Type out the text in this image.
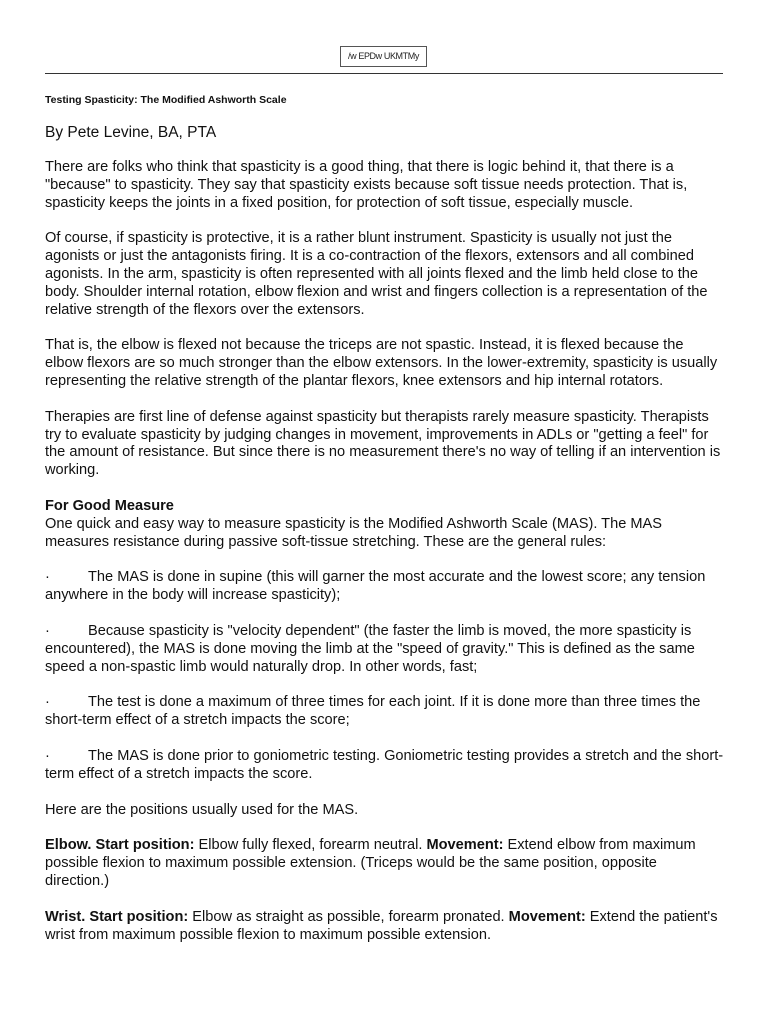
/w EPDw UKMTMy
Testing Spasticity: The Modified Ashworth Scale
By Pete Levine, BA, PTA

There are folks who think that spasticity is a good thing, that there is logic behind it, that there is a "because" to spasticity. They say that spasticity exists because soft tissue needs protection. That is, spasticity keeps the joints in a fixed position, for protection of soft tissue, especially muscle.

Of course, if spasticity is protective, it is a rather blunt instrument. Spasticity is usually not just the agonists or just the antagonists firing. It is a co-contraction of the flexors, extensors and all combined agonists. In the arm, spasticity is often represented with all joints flexed and the limb held close to the body. Shoulder internal rotation, elbow flexion and wrist and fingers collection is a representation of the relative strength of the flexors over the extensors.

That is, the elbow is flexed not because the triceps are not spastic. Instead, it is flexed because the elbow flexors are so much stronger than the elbow extensors. In the lower-extremity, spasticity is usually representing the relative strength of the plantar flexors, knee extensors and hip internal rotators.

Therapies are first line of defense against spasticity but therapists rarely measure spasticity. Therapists try to evaluate spasticity by judging changes in movement, improvements in ADLs or "getting a feel" for the amount of resistance. But since there is no measurement there's no way of telling if an intervention is working.

For Good Measure
One quick and easy way to measure spasticity is the Modified Ashworth Scale (MAS). The MAS measures resistance during passive soft-tissue stretching. These are the general rules:

·	The MAS is done in supine (this will garner the most accurate and the lowest score; any tension anywhere in the body will increase spasticity);

·	Because spasticity is "velocity dependent" (the faster the limb is moved, the more spasticity is encountered), the MAS is done moving the limb at the "speed of gravity." This is defined as the same speed a non-spastic limb would naturally drop. In other words, fast;

·	The test is done a maximum of three times for each joint. If it is done more than three times the short-term effect of a stretch impacts the score;

·	The MAS is done prior to goniometric testing. Goniometric testing provides a stretch and the short-term effect of a stretch impacts the score.

Here are the positions usually used for the MAS.

Elbow. Start position: Elbow fully flexed, forearm neutral. Movement: Extend elbow from maximum possible flexion to maximum possible extension. (Triceps would be the same position, opposite direction.)

Wrist. Start position: Elbow as straight as possible, forearm pronated. Movement: Extend the patient's wrist from maximum possible flexion to maximum possible extension.
